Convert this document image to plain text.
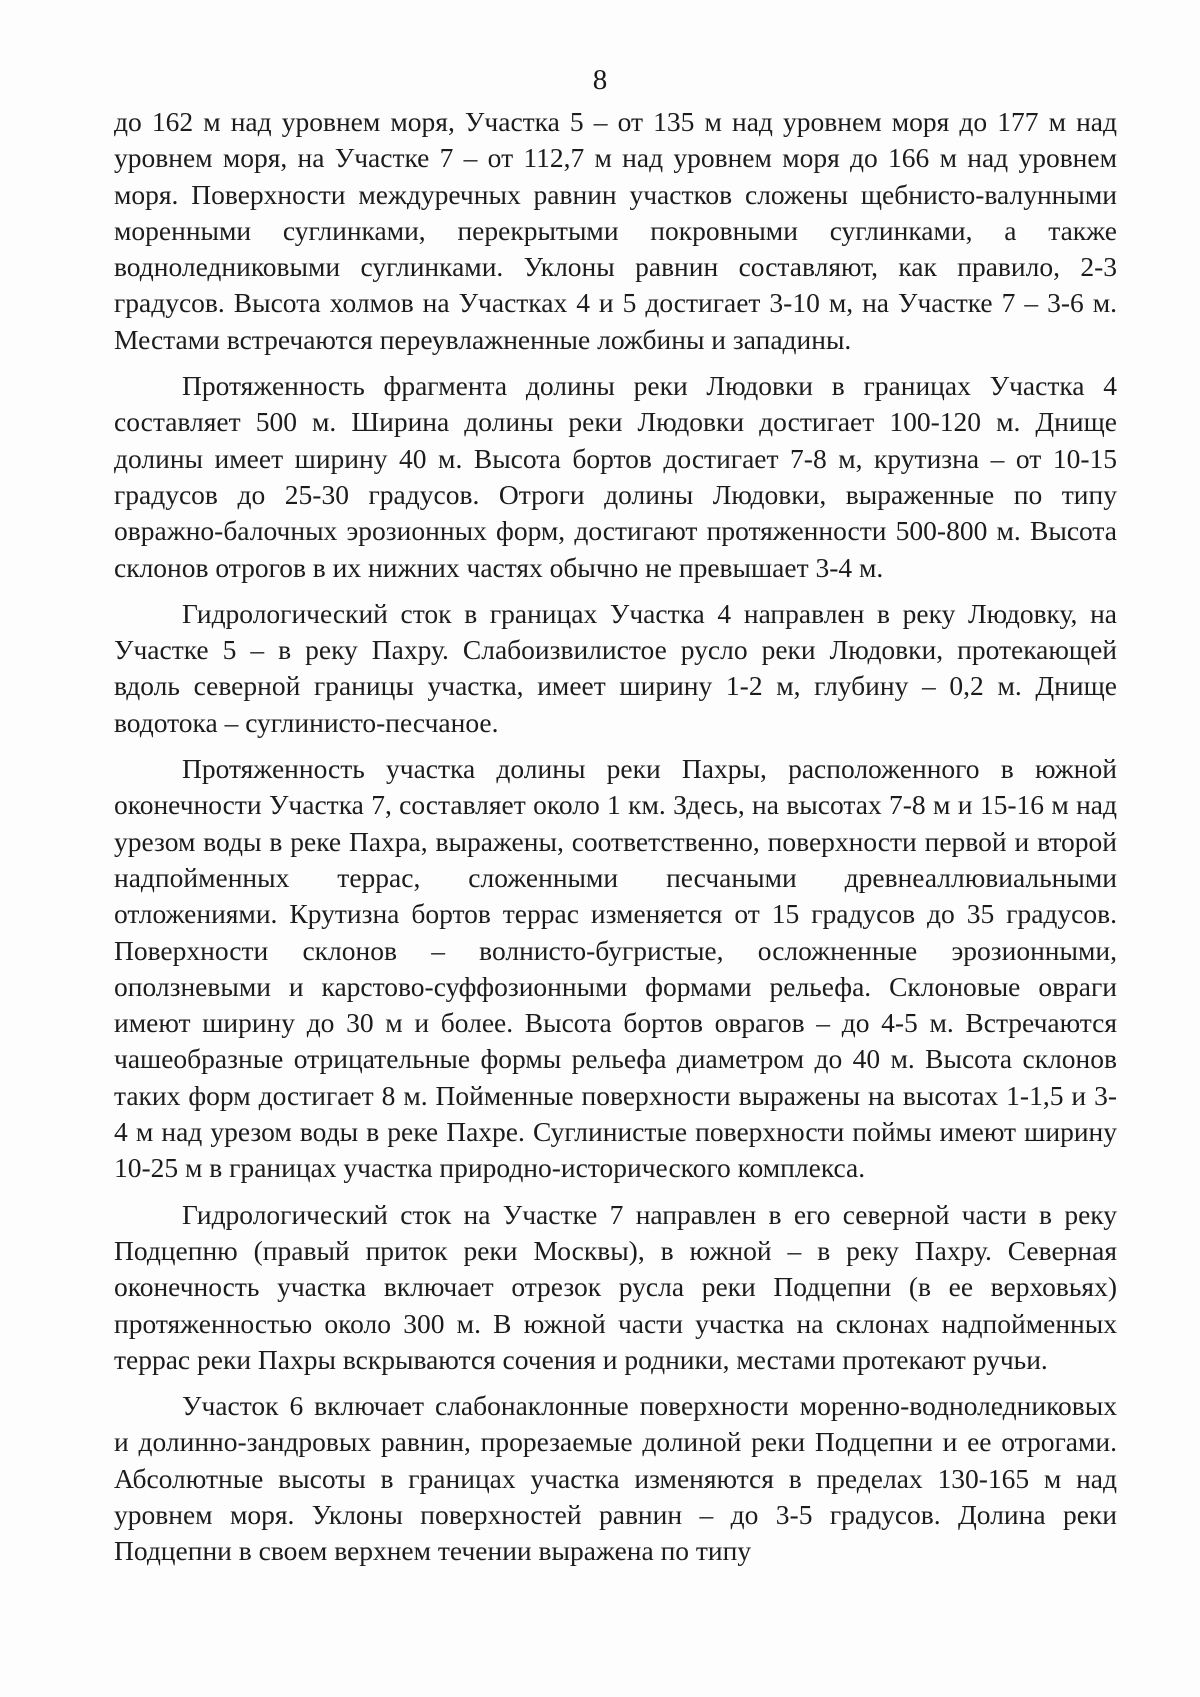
8

до 162 м над уровнем моря, Участка 5 – от 135 м над уровнем моря до 177 м над уровнем моря, на Участке 7 – от 112,7 м над уровнем моря до 166 м над уровнем моря. Поверхности междуречных равнин участков сложены щебнисто-валунными моренными суглинками, перекрытыми покровными суглинками, а также водноледниковыми суглинками. Уклоны равнин составляют, как правило, 2-3 градусов. Высота холмов на Участках 4 и 5 достигает 3-10 м, на Участке 7 – 3-6 м. Местами встречаются переувлажненные ложбины и западины.

Протяженность фрагмента долины реки Людовки в границах Участка 4 составляет 500 м. Ширина долины реки Людовки достигает 100-120 м. Днище долины имеет ширину 40 м. Высота бортов достигает 7-8 м, крутизна – от 10-15 градусов до 25-30 градусов. Отроги долины Людовки, выраженные по типу овражно-балочных эрозионных форм, достигают протяженности 500-800 м. Высота склонов отрогов в их нижних частях обычно не превышает 3-4 м.

Гидрологический сток в границах Участка 4 направлен в реку Людовку, на Участке 5 – в реку Пахру. Слабоизвилистое русло реки Людовки, протекающей вдоль северной границы участка, имеет ширину 1-2 м, глубину – 0,2 м. Днище водотока – суглинисто-песчаное.

Протяженность участка долины реки Пахры, расположенного в южной оконечности Участка 7, составляет около 1 км. Здесь, на высотах 7-8 м и 15-16 м над урезом воды в реке Пахра, выражены, соответственно, поверхности первой и второй надпойменных террас, сложенными песчаными древнеаллювиальными отложениями. Крутизна бортов террас изменяется от 15 градусов до 35 градусов. Поверхности склонов – волнисто-бугристые, осложненные эрозионными, оползневыми и карстово-суффозионными формами рельефа. Склоновые овраги имеют ширину до 30 м и более. Высота бортов оврагов – до 4-5 м. Встречаются чашеобразные отрицательные формы рельефа диаметром до 40 м. Высота склонов таких форм достигает 8 м. Пойменные поверхности выражены на высотах 1-1,5 и 3-4 м над урезом воды в реке Пахре. Суглинистые поверхности поймы имеют ширину 10-25 м в границах участка природно-исторического комплекса.

Гидрологический сток на Участке 7 направлен в его северной части в реку Подцепню (правый приток реки Москвы), в южной – в реку Пахру. Северная оконечность участка включает отрезок русла реки Подцепни (в ее верховьях) протяженностью около 300 м. В южной части участка на склонах надпойменных террас реки Пахры вскрываются сочения и родники, местами протекают ручьи.

Участок 6 включает слабонаклонные поверхности моренно-водноледниковых и долинно-зандровых равнин, прорезаемые долиной реки Подцепни и ее отрогами. Абсолютные высоты в границах участка изменяются в пределах 130-165 м над уровнем моря. Уклоны поверхностей равнин – до 3-5 градусов. Долина реки Подцепни в своем верхнем течении выражена по типу
